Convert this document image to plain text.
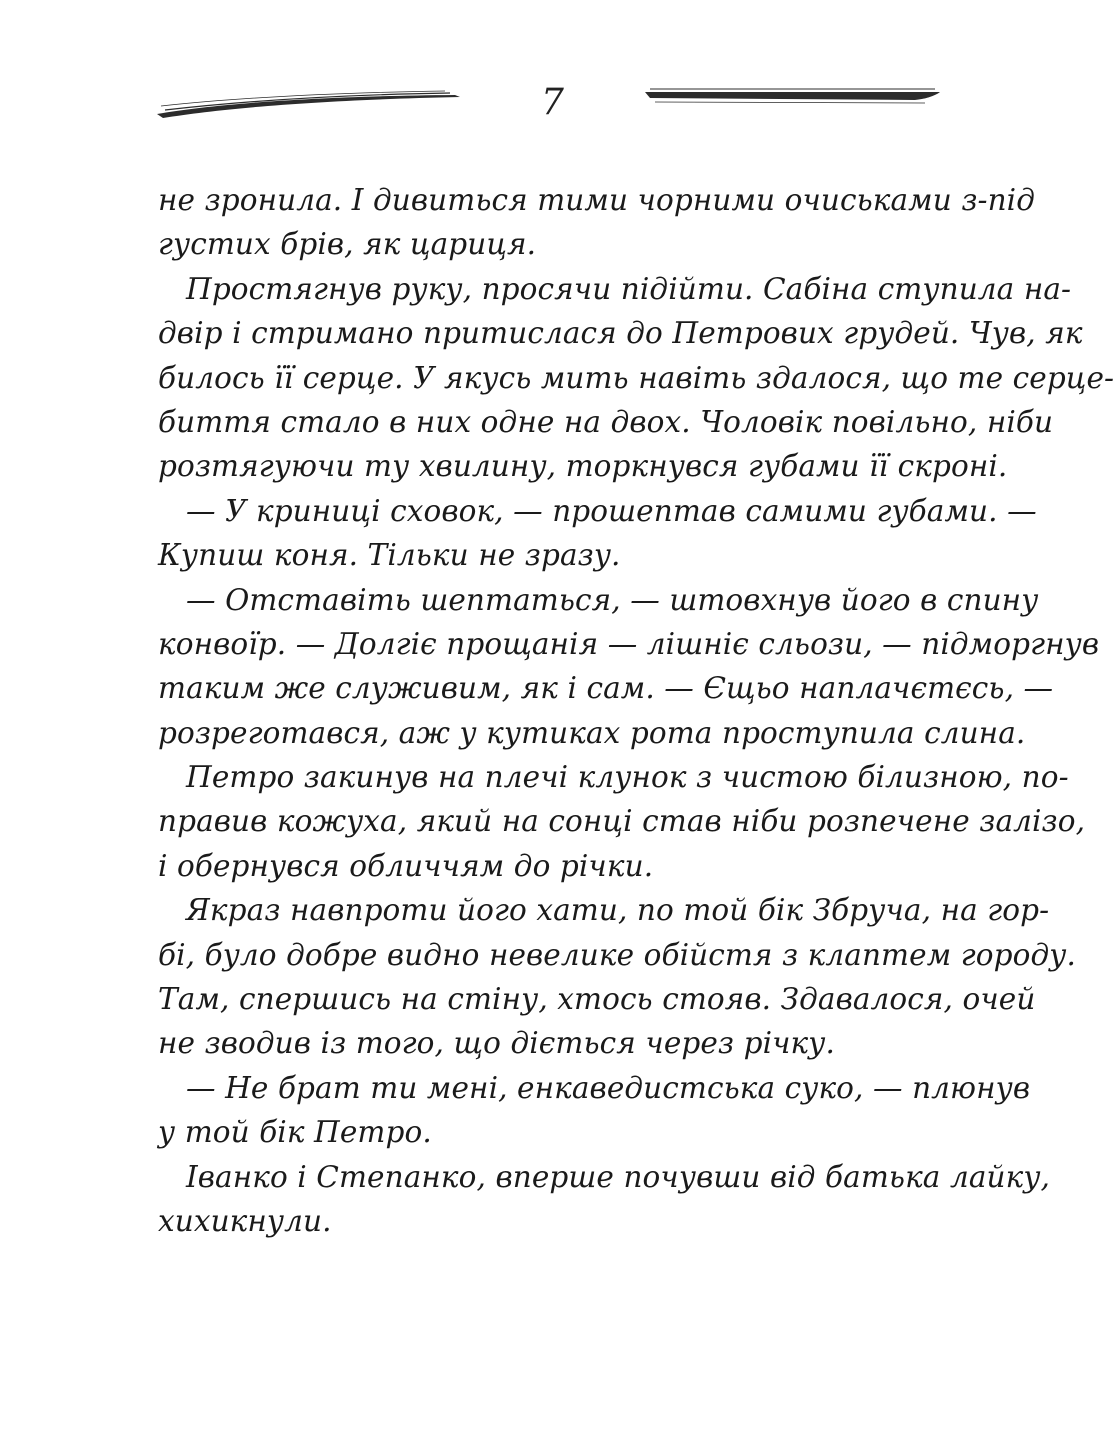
7
не зронила. І дивиться тими чорними очиськами з-під
густих брів, як цариця.
Простягнув руку, просячи підійти. Сабіна ступила на-
двір і стримано притислася до Петрових грудей. Чув, як
билось її серце. У якусь мить навіть здалося, що те серце-
биття стало в них одне на двох. Чоловік повільно, ніби
розтягуючи ту хвилину, торкнувся губами її скроні.
— У криниці сховок, — прошептав самими губами. —
Купиш коня. Тільки не зразу.
— Отставіть шептаться, — штовхнув його в спину
конвоїр. — Долгіє прощанія — лішніє сльози, — підморгнув
таким же служивим, як і сам. — Єщьо наплачєтєсь, —
розреготався, аж у кутиках рота проступила слина.
Петро закинув на плечі клунок з чистою білизною, по-
правив кожуха, який на сонці став ніби розпечене залізо,
і обернувся обличчям до річки.
Якраз навпроти його хати, по той бік Збруча, на гор-
бі, було добре видно невелике обійстя з клаптем городу.
Там, спершись на стіну, хтось стояв. Здавалося, очей
не зводив із того, що діється через річку.
— Не брат ти мені, енкаведистська суко, — плюнув
у той бік Петро.
Іванко і Степанко, вперше почувши від батька лайку,
хихикнули.
